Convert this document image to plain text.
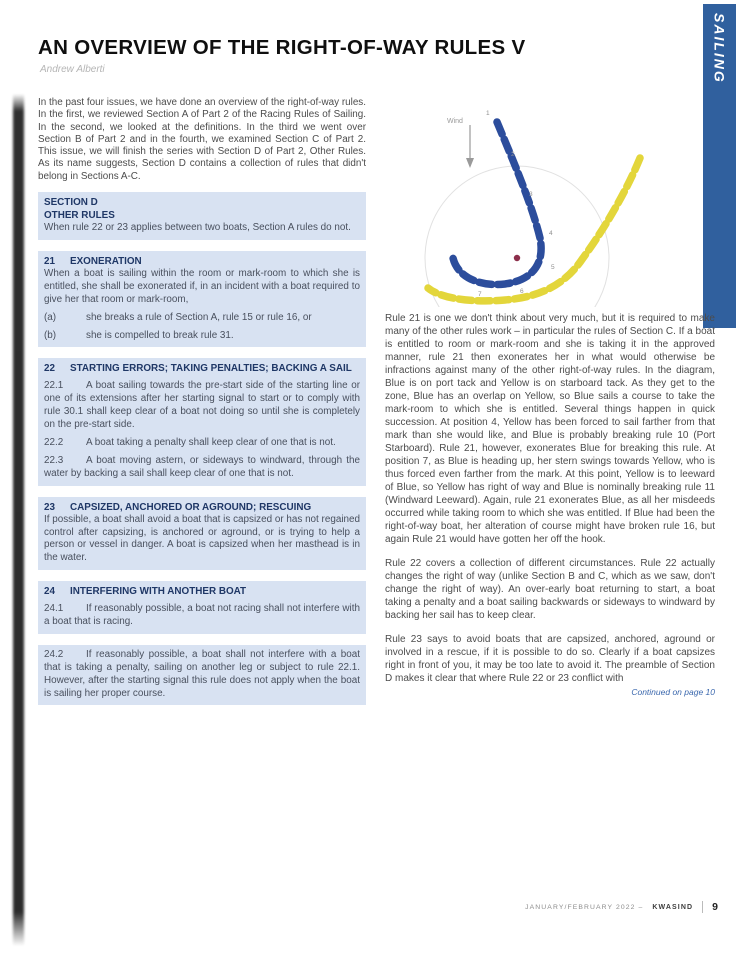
SAILING
AN OVERVIEW OF THE RIGHT-OF-WAY RULES V
Andrew Alberti

In the past four issues, we have done an overview of the right-of-way rules. In the first, we reviewed Section A of Part 2 of the Racing Rules of Sailing. In the second, we looked at the definitions. In the third we went over Section B of Part 2 and in the fourth, we examined Section C of Part 2. This issue, we will finish the series with Section D of Part 2, Other Rules. As its name suggests, Section D contains a collection of rules that didn't belong in Sections A-C.

SECTION D
OTHER RULES

When rule 22 or 23 applies between two boats, Section A rules do not.

21 EXONERATION

When a boat is sailing within the room or mark-room to which she is entitled, she shall be exonerated if, in an incident with a boat required to give her that room or mark-room,

(a)	she breaks a rule of Section A, rule 15 or rule 16, or

(b)	she is compelled to break rule 31.

22 STARTING ERRORS; TAKING PENALTIES; BACKING A SAIL

22.1 A boat sailing towards the pre-start side of the starting line or one of its extensions after her starting signal to start or to comply with rule 30.1 shall keep clear of a boat not doing so until she is completely on the pre-start side.

22.2 A boat taking a penalty shall keep clear of one that is not.

22.3 A boat moving astern, or sideways to windward, through the water by backing a sail shall keep clear of one that is not.

23 CAPSIZED, ANCHORED OR AGROUND; RESCUING

If possible, a boat shall avoid a boat that is capsized or has not regained control after capsizing, is anchored or aground, or is trying to help a person or vessel in danger. A boat is capsized when her masthead is in the water.

24 INTERFERING WITH ANOTHER BOAT

24.1 If reasonably possible, a boat not racing shall not interfere with a boat that is racing.

24.2 If reasonably possible, a boat shall not interfere with a boat that is taking a penalty, sailing on another leg or subject to rule 22.1. However, after the starting signal this rule does not apply when the boat is sailing her proper course.

Wind
1
2
3
4
5
6
7

Rule 21 is one we don't think about very much, but it is required to make many of the other rules work – in particular the rules of Section C. If a boat is entitled to room or mark-room and she is taking it in the approved manner, rule 21 then exonerates her in what would otherwise be infractions against many of the other right-of-way rules. In the diagram, Blue is on port tack and Yellow is on starboard tack. As they get to the zone, Blue has an overlap on Yellow, so Blue sails a course to take the mark-room to which she is entitled. Several things happen in quick succession. At position 4, Yellow has been forced to sail farther from that mark than she would like, and Blue is probably breaking rule 10 (Port Starboard). Rule 21, however, exonerates Blue for breaking this rule. At position 7, as Blue is heading up, her stern swings towards Yellow, who is thus forced even farther from the mark. At this point, Yellow is to leeward of Blue, so Yellow has right of way and Blue is nominally breaking rule 11 (Windward Leeward). Again, rule 21 exonerates Blue, as all her misdeeds occurred while taking room to which she was entitled. If Blue had been the right-of-way boat, her alteration of course might have broken rule 16, but again Rule 21 would have gotten her off the hook.

Rule 22 covers a collection of different circumstances. Rule 22 actually changes the right of way (unlike Section B and C, which as we saw, don't change the right of way). An over-early boat returning to start, a boat taking a penalty and a boat sailing backwards or sideways to windward by backing her sail has to keep clear.

Rule 23 says to avoid boats that are capsized, anchored, aground or involved in a rescue, if it is possible to do so. Clearly if a boat capsizes right in front of you, it may be too late to avoid it. The preamble of Section D makes it clear that where Rule 22 or 23 conflict with

Continued on page 10
JANUARY/FEBRUARY 2022 – KWASIND 9
